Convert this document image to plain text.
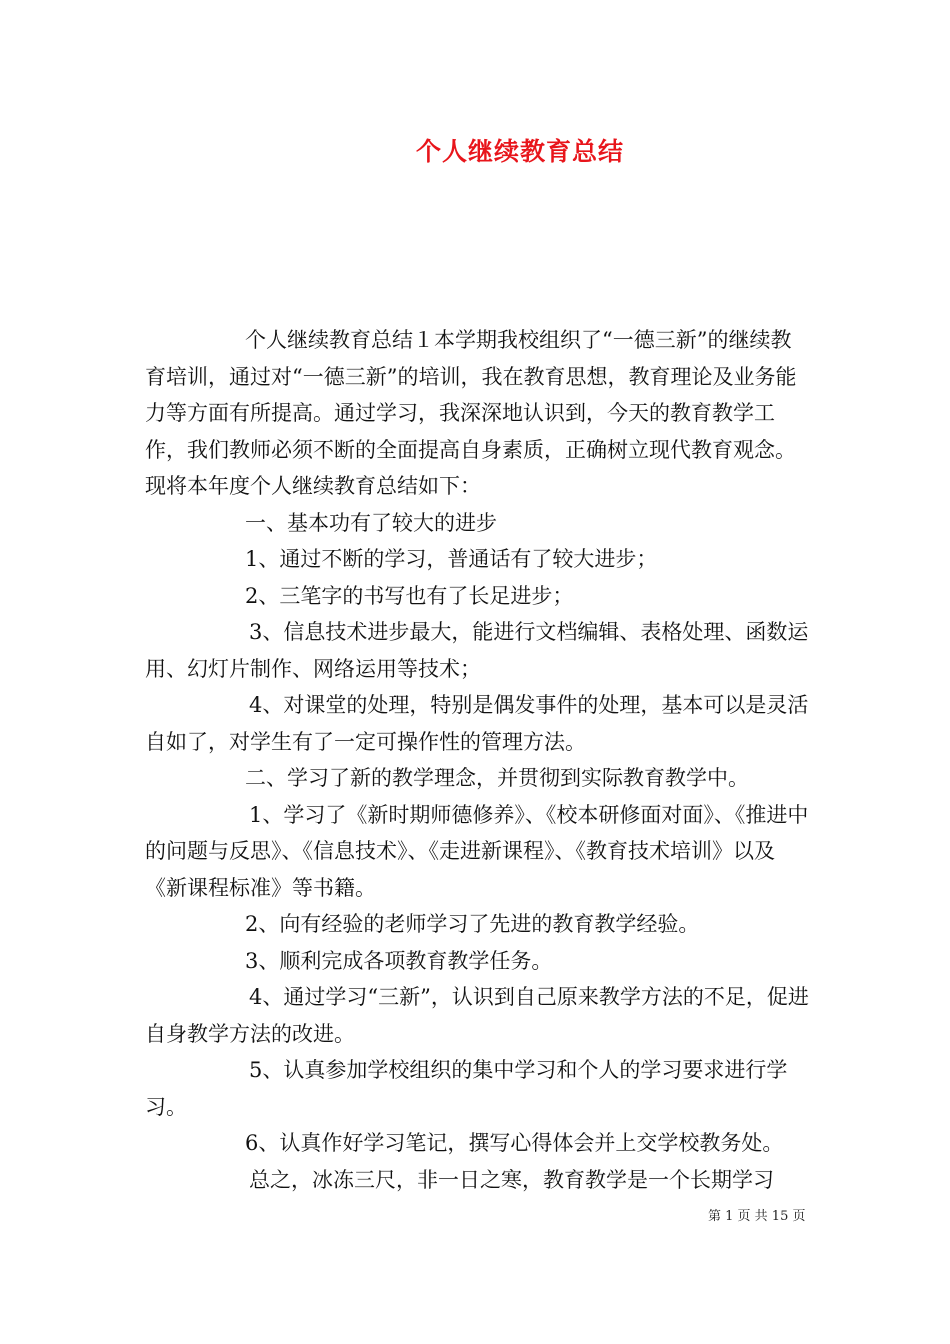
个人继续教育总结

个人继续教育总结１本学期我校组织了“一德三新”的继续教育培训，通过对“一德三新”的培训，我在教育思想，教育理论及业务能力等方面有所提高。通过学习，我深深地认识到，今天的教育教学工作，我们教师必须不断的全面提高自身素质，正确树立现代教育观念。现将本年度个人继续教育总结如下：

一、基本功有了较大的进步

1、通过不断的学习，普通话有了较大进步；

2、三笔字的书写也有了长足进步；

3、信息技术进步最大，能进行文档编辑、表格处理、函数运用、幻灯片制作、网络运用等技术；

4、对课堂的处理，特别是偶发事件的处理，基本可以是灵活自如了，对学生有了一定可操作性的管理方法。

二、学习了新的教学理念，并贯彻到实际教育教学中。

1、学习了《新时期师德修养》、《校本研修面对面》、《推进中的问题与反思》、《信息技术》、《走进新课程》、《教育技术培训》以及《新课程标准》等书籍。

2、向有经验的老师学习了先进的教育教学经验。

3、顺利完成各项教育教学任务。

4、通过学习“三新”，认识到自己原来教学方法的不足，促进自身教学方法的改进。

5、认真参加学校组织的集中学习和个人的学习要求进行学习。

6、认真作好学习笔记，撰写心得体会并上交学校教务处。

总之，冰冻三尺，非一日之寒，教育教学是一个长期学习

第 1 页 共 15 页
